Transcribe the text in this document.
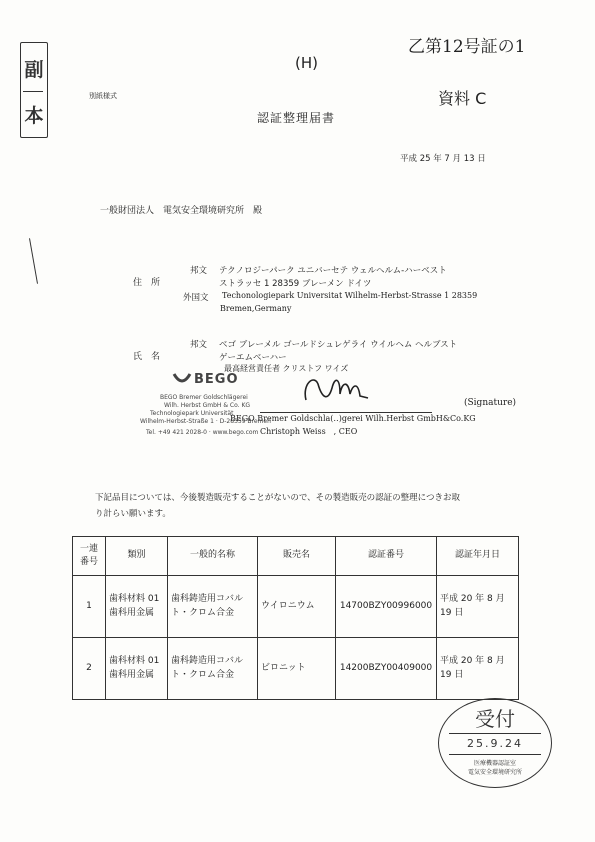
副
本
(H)
乙第12号証の1
資料 C
別紙様式
認証整理届書
平成 25 年 7 月 13 日
一般財団法人　電気安全環境研究所　殿
住　所
邦文 テクノロジーパーク ユニバーセテ ウェルヘルム-ハーベスト
ストラッセ 1 28359 ブレーメン ドイツ
外国文 Techonologiepark Universitat Wilhelm-Herbst-Strasse 1 28359
Bremen,Germany
氏　名
邦文 ベゴ ブレーメル ゴールドシュレゲライ ウイルヘム ヘルブスト
ゲーエムベーハー
最高経営責任者 クリストフ ワイズ
(Signature)
BEGO Bremer Goldschla(‥)gerei Wilh.Herbst GmbH&Co.KG
Christoph Weiss　, CEO
BEGO
BEGO Bremer Goldschlägerei
Wilh. Herbst GmbH & Co. KG
Technologiepark Universität
Wilhelm-Herbst-Straße 1 · D-28359 Bremen
Tel. +49 421 2028-0 · www.bego.com
下記品目については、今後製造販売することがないので、その製造販売の認証の整理につきお取
り計らい願います。
一連番号	類別	一般的名称	販売名	認証番号	認証年月日
1	歯科材料 01 歯科用金属	歯科鋳造用コバルト・クロム合金	ウイロニウム	14700BZY00996000	平成 20 年 8 月 19 日
2	歯科材料 01 歯科用金属	歯科鋳造用コバルト・クロム合金	ビロニット	14200BZY00409000	平成 20 年 8 月 19 日
受付
25.9.24
医療機器認証室
電気安全環境研究所
